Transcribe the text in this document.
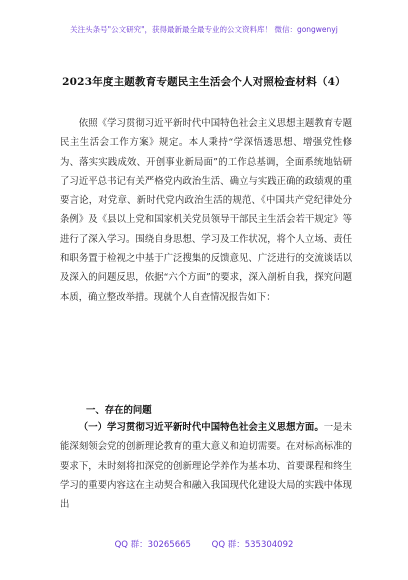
关注头条号"公文研究"，获得最新最全最专业的公文资料库！ 微信：gongwenyj
2023年度主题教育专题民主生活会个人对照检查材料（4）

依照《学习贯彻习近平新时代中国特色社会主义思想主题教育专题民主生活会工作方案》规定。本人秉持“学深悟透思想、增强党性修为、落实实践成效、开创事业新局面”的工作总基调，全面系统地钻研了习近平总书记有关严格党内政治生活、确立与实践正确的政绩观的重要言论，对党章、新时代党内政治生活的规范、《中国共产党纪律处分条例》及《县以上党和国家机关党员领导干部民主生活会若干规定》等进行了深入学习。围绕自身思想、学习及工作状况，将个人立场、责任和职务置于检视之中基于广泛搜集的反馈意见、广泛进行的交流谈话以及深入的问题反思，依据“六个方面”的要求，深入剖析自我，探究问题本质，确立整改举措。现就个人自查情况报告如下：

一、存在的问题

（一）学习贯彻习近平新时代中国特色社会主义思想方面。一是未能深刻领会党的创新理论教育的重大意义和迫切需要。在对标高标准的要求下，未时刻将扣深党的创新理论学养作为基本功、首要课程和终生学习的重要内容这在主动契合和融入我国现代化建设大局的实践中体现出

QQ 群：30265665 QQ 群：535304092
